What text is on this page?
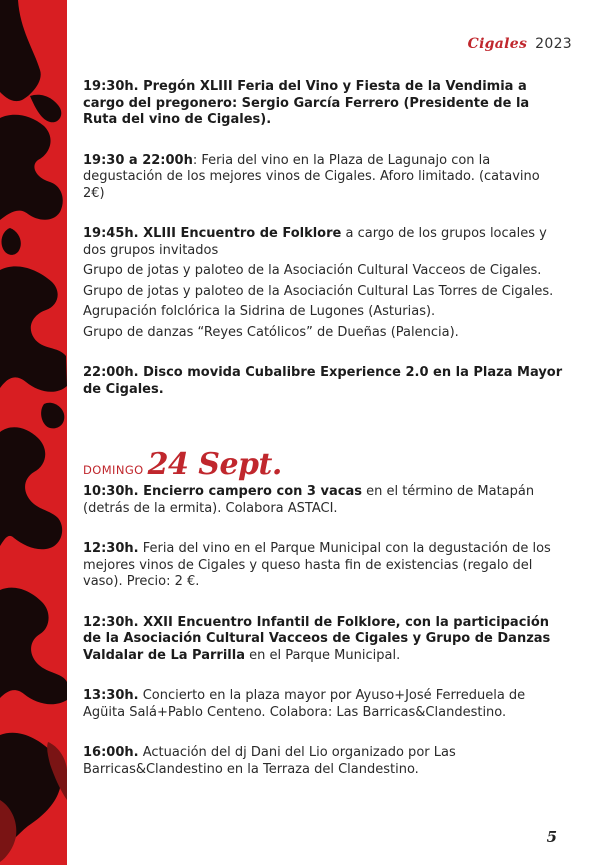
Cigales 2023

19:30h. Pregón XLIII Feria del Vino y Fiesta de la Vendimia a cargo del pregonero: Sergio García Ferrero (Presidente de la Ruta del vino de Cigales).

19:30 a 22:00h: Feria del vino en la Plaza de Lagunajo con la degustación de los mejores vinos de Cigales. Aforo limitado. (catavino 2€)

19:45h. XLIII Encuentro de Folklore a cargo de los grupos locales y dos grupos invitados

Grupo de jotas y paloteo de la Asociación Cultural Vacceos de Cigales.

Grupo de jotas y paloteo de la Asociación Cultural Las Torres de Cigales.

Agrupación folclórica la Sidrina de Lugones (Asturias).

Grupo de danzas “Reyes Católicos” de Dueñas (Palencia).

22:00h. Disco movida Cubalibre Experience 2.0 en la Plaza Mayor de Cigales.

DOMINGO 24 Sept.

10:30h. Encierro campero con 3 vacas en el término de Matapán (detrás de la ermita). Colabora ASTACI.

12:30h. Feria del vino en el Parque Municipal con la degustación de los mejores vinos de Cigales y queso hasta fin de existencias (regalo del vaso). Precio: 2 €.

12:30h. XXII Encuentro Infantil de Folklore, con la participación de la Asociación Cultural Vacceos de Cigales y Grupo de Danzas Valdalar de La Parrilla en el Parque Municipal.

13:30h. Concierto en la plaza mayor por Ayuso+José Ferreduela de Agüita Salá+Pablo Centeno. Colabora: Las Barricas&Clandestino.

16:00h. Actuación del dj Dani del Lio organizado por Las Barricas&Clandestino en la Terraza del Clandestino.

5
